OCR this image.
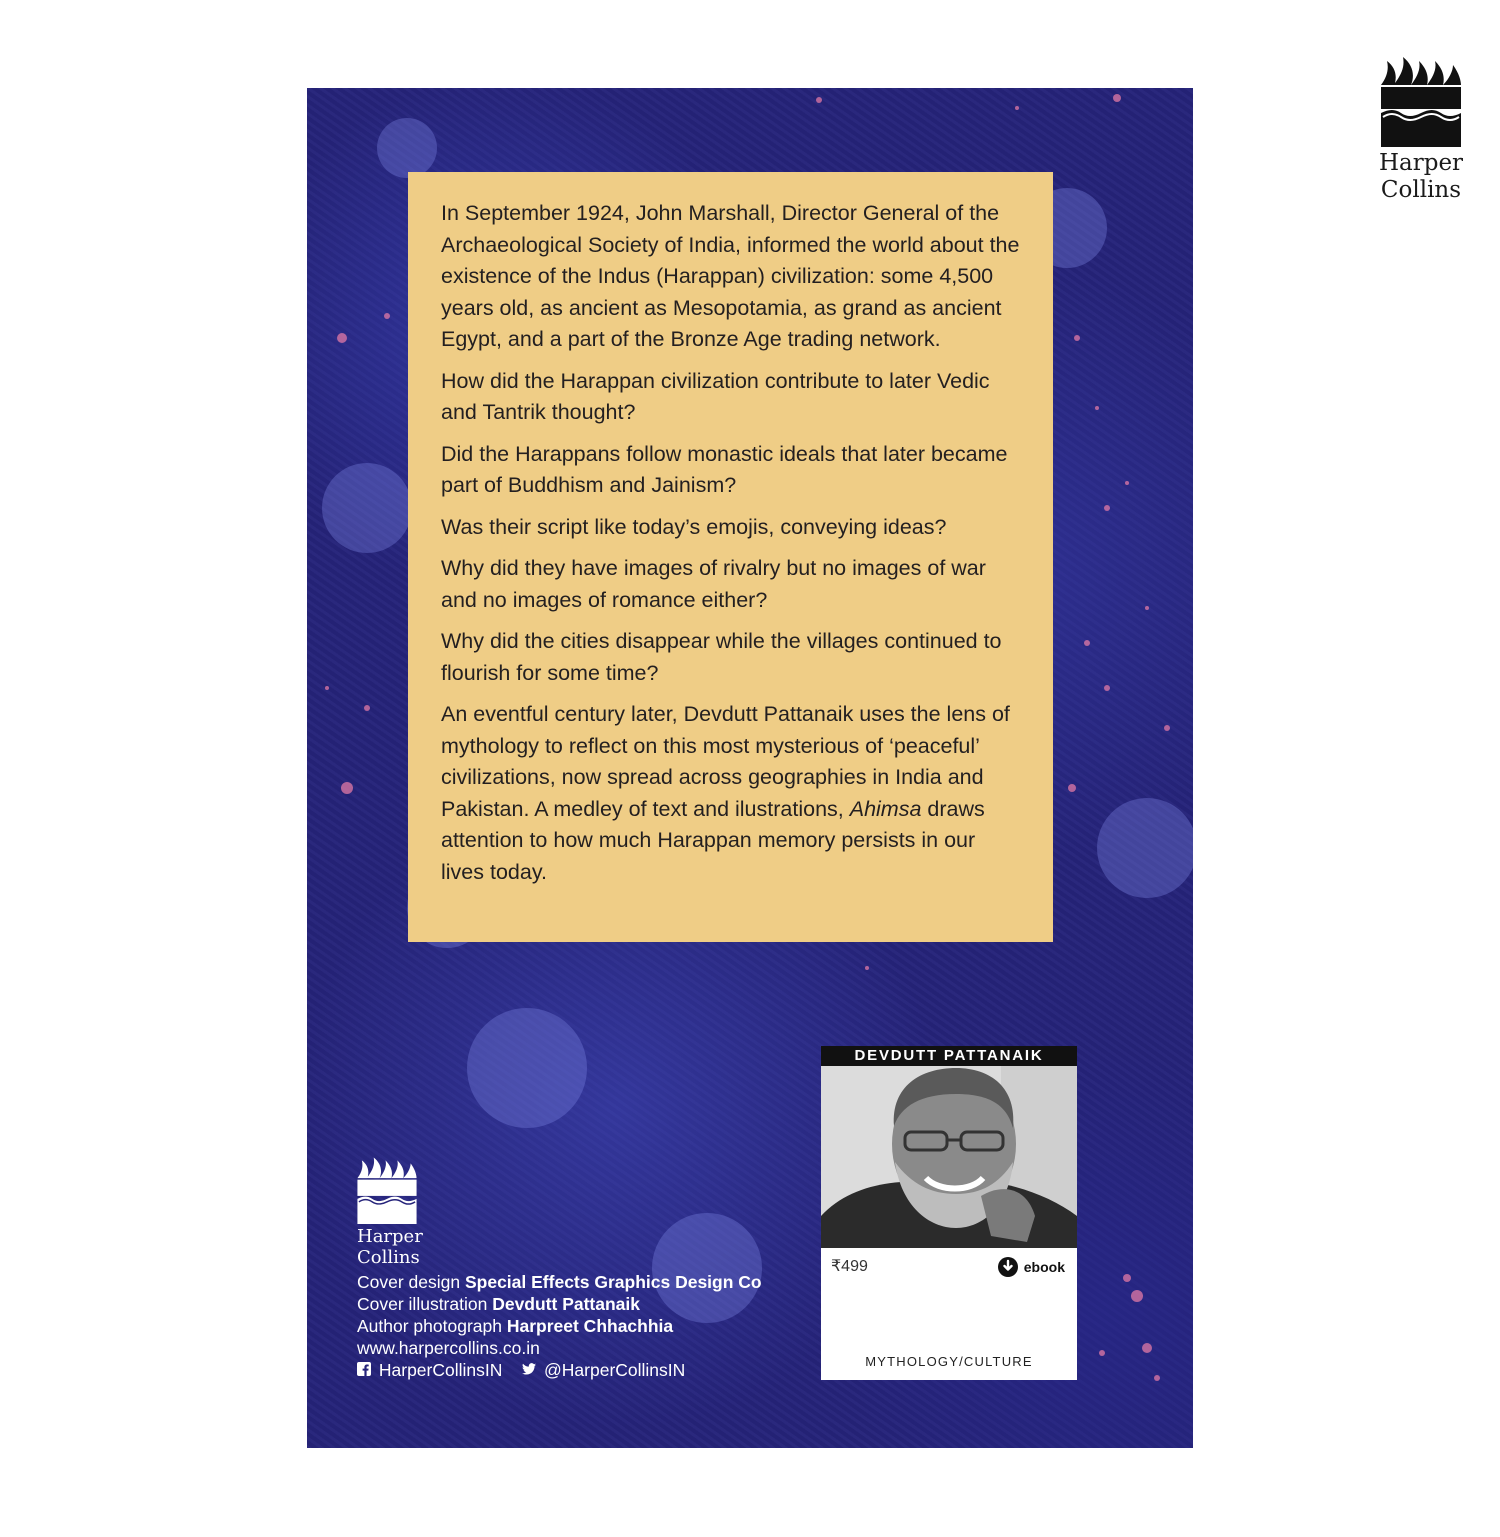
Harper
Collins

In September 1924, John Marshall, Director General of the Archaeological Society of India, informed the world about the existence of the Indus (Harappan) civilization: some 4,500 years old, as ancient as Mesopotamia, as grand as ancient Egypt, and a part of the Bronze Age trading network.

How did the Harappan civilization contribute to later Vedic and Tantrik thought?

Did the Harappans follow monastic ideals that later became part of Buddhism and Jainism?

Was their script like today’s emojis, conveying ideas?

Why did they have images of rivalry but no images of war and no images of romance either?

Why did the cities disappear while the villages continued to flourish for some time?

An eventful century later, Devdutt Pattanaik uses the lens of mythology to reflect on this most mysterious of ‘peaceful’ civilizations, now spread across geographies in India and Pakistan. A medley of text and ilustrations, Ahimsa draws attention to how much Harappan memory persists in our lives today.

Harper
Collins
Cover design Special Effects Graphics Design Co
Cover illustration Devdutt Pattanaik
Author photograph Harpreet Chhachhia
www.harpercollins.co.in
HarperCollinsIN @HarperCollinsIN
DEVDUTT PATTANAIK
₹499	ebook
MYTHOLOGY/CULTURE
